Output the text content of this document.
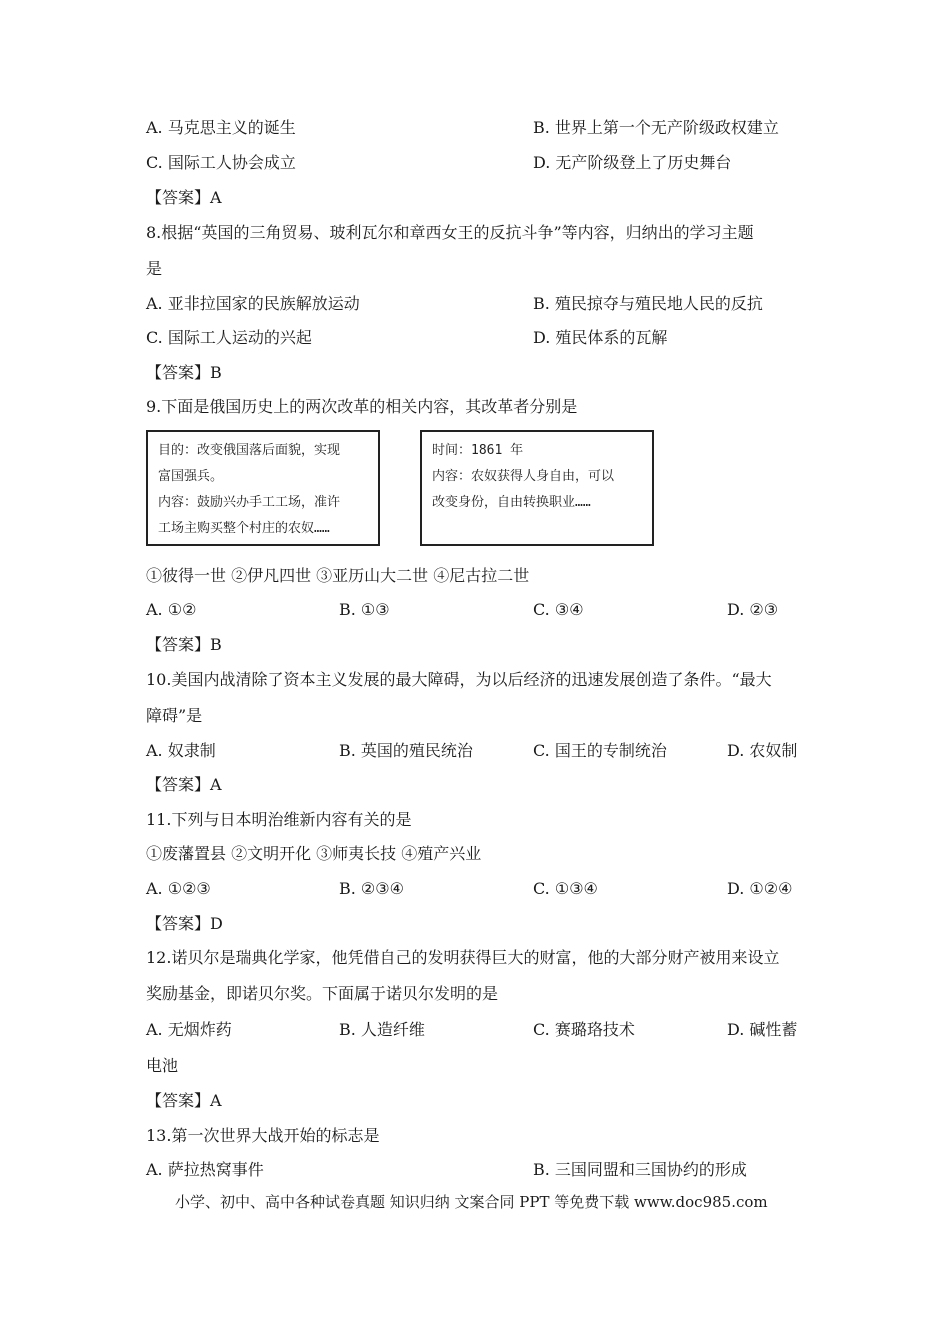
A. 马克思主义的诞生	B. 世界上第一个无产阶级政权建立
C. 国际工人协会成立	D. 无产阶级登上了历史舞台
【答案】A
8.根据“英国的三角贸易、玻利瓦尔和章西女王的反抗斗争”等内容，归纳出的学习主题
是
A. 亚非拉国家的民族解放运动	B. 殖民掠夺与殖民地人民的反抗
C. 国际工人运动的兴起	D. 殖民体系的瓦解
【答案】B
9.下面是俄国历史上的两次改革的相关内容，其改革者分别是
目的：改变俄国落后面貌，实现
富国强兵。
内容：鼓励兴办手工工场，准许
工场主购买整个村庄的农奴……
时间：1861 年
内容：农奴获得人身自由，可以
改变身份，自由转换职业……
①彼得一世 ②伊凡四世 ③亚历山大二世 ④尼古拉二世
A. ①②	B. ①③	C. ③④	D. ②③
【答案】B
10.美国内战清除了资本主义发展的最大障碍，为以后经济的迅速发展创造了条件。“最大
障碍”是
A. 奴隶制	B. 英国的殖民统治	C. 国王的专制统治	D. 农奴制
【答案】A
11.下列与日本明治维新内容有关的是
①废藩置县 ②文明开化 ③师夷长技 ④殖产兴业
A. ①②③	B. ②③④	C. ①③④	D. ①②④
【答案】D
12.诺贝尔是瑞典化学家，他凭借自己的发明获得巨大的财富，他的大部分财产被用来设立
奖励基金，即诺贝尔奖。下面属于诺贝尔发明的是
A. 无烟炸药	B. 人造纤维	C. 赛璐珞技术	D. 碱性蓄
电池
【答案】A
13.第一次世界大战开始的标志是
A. 萨拉热窝事件	B. 三国同盟和三国协约的形成
小学、初中、高中各种试卷真题 知识归纳 文案合同 PPT 等免费下载 www.doc985.com
